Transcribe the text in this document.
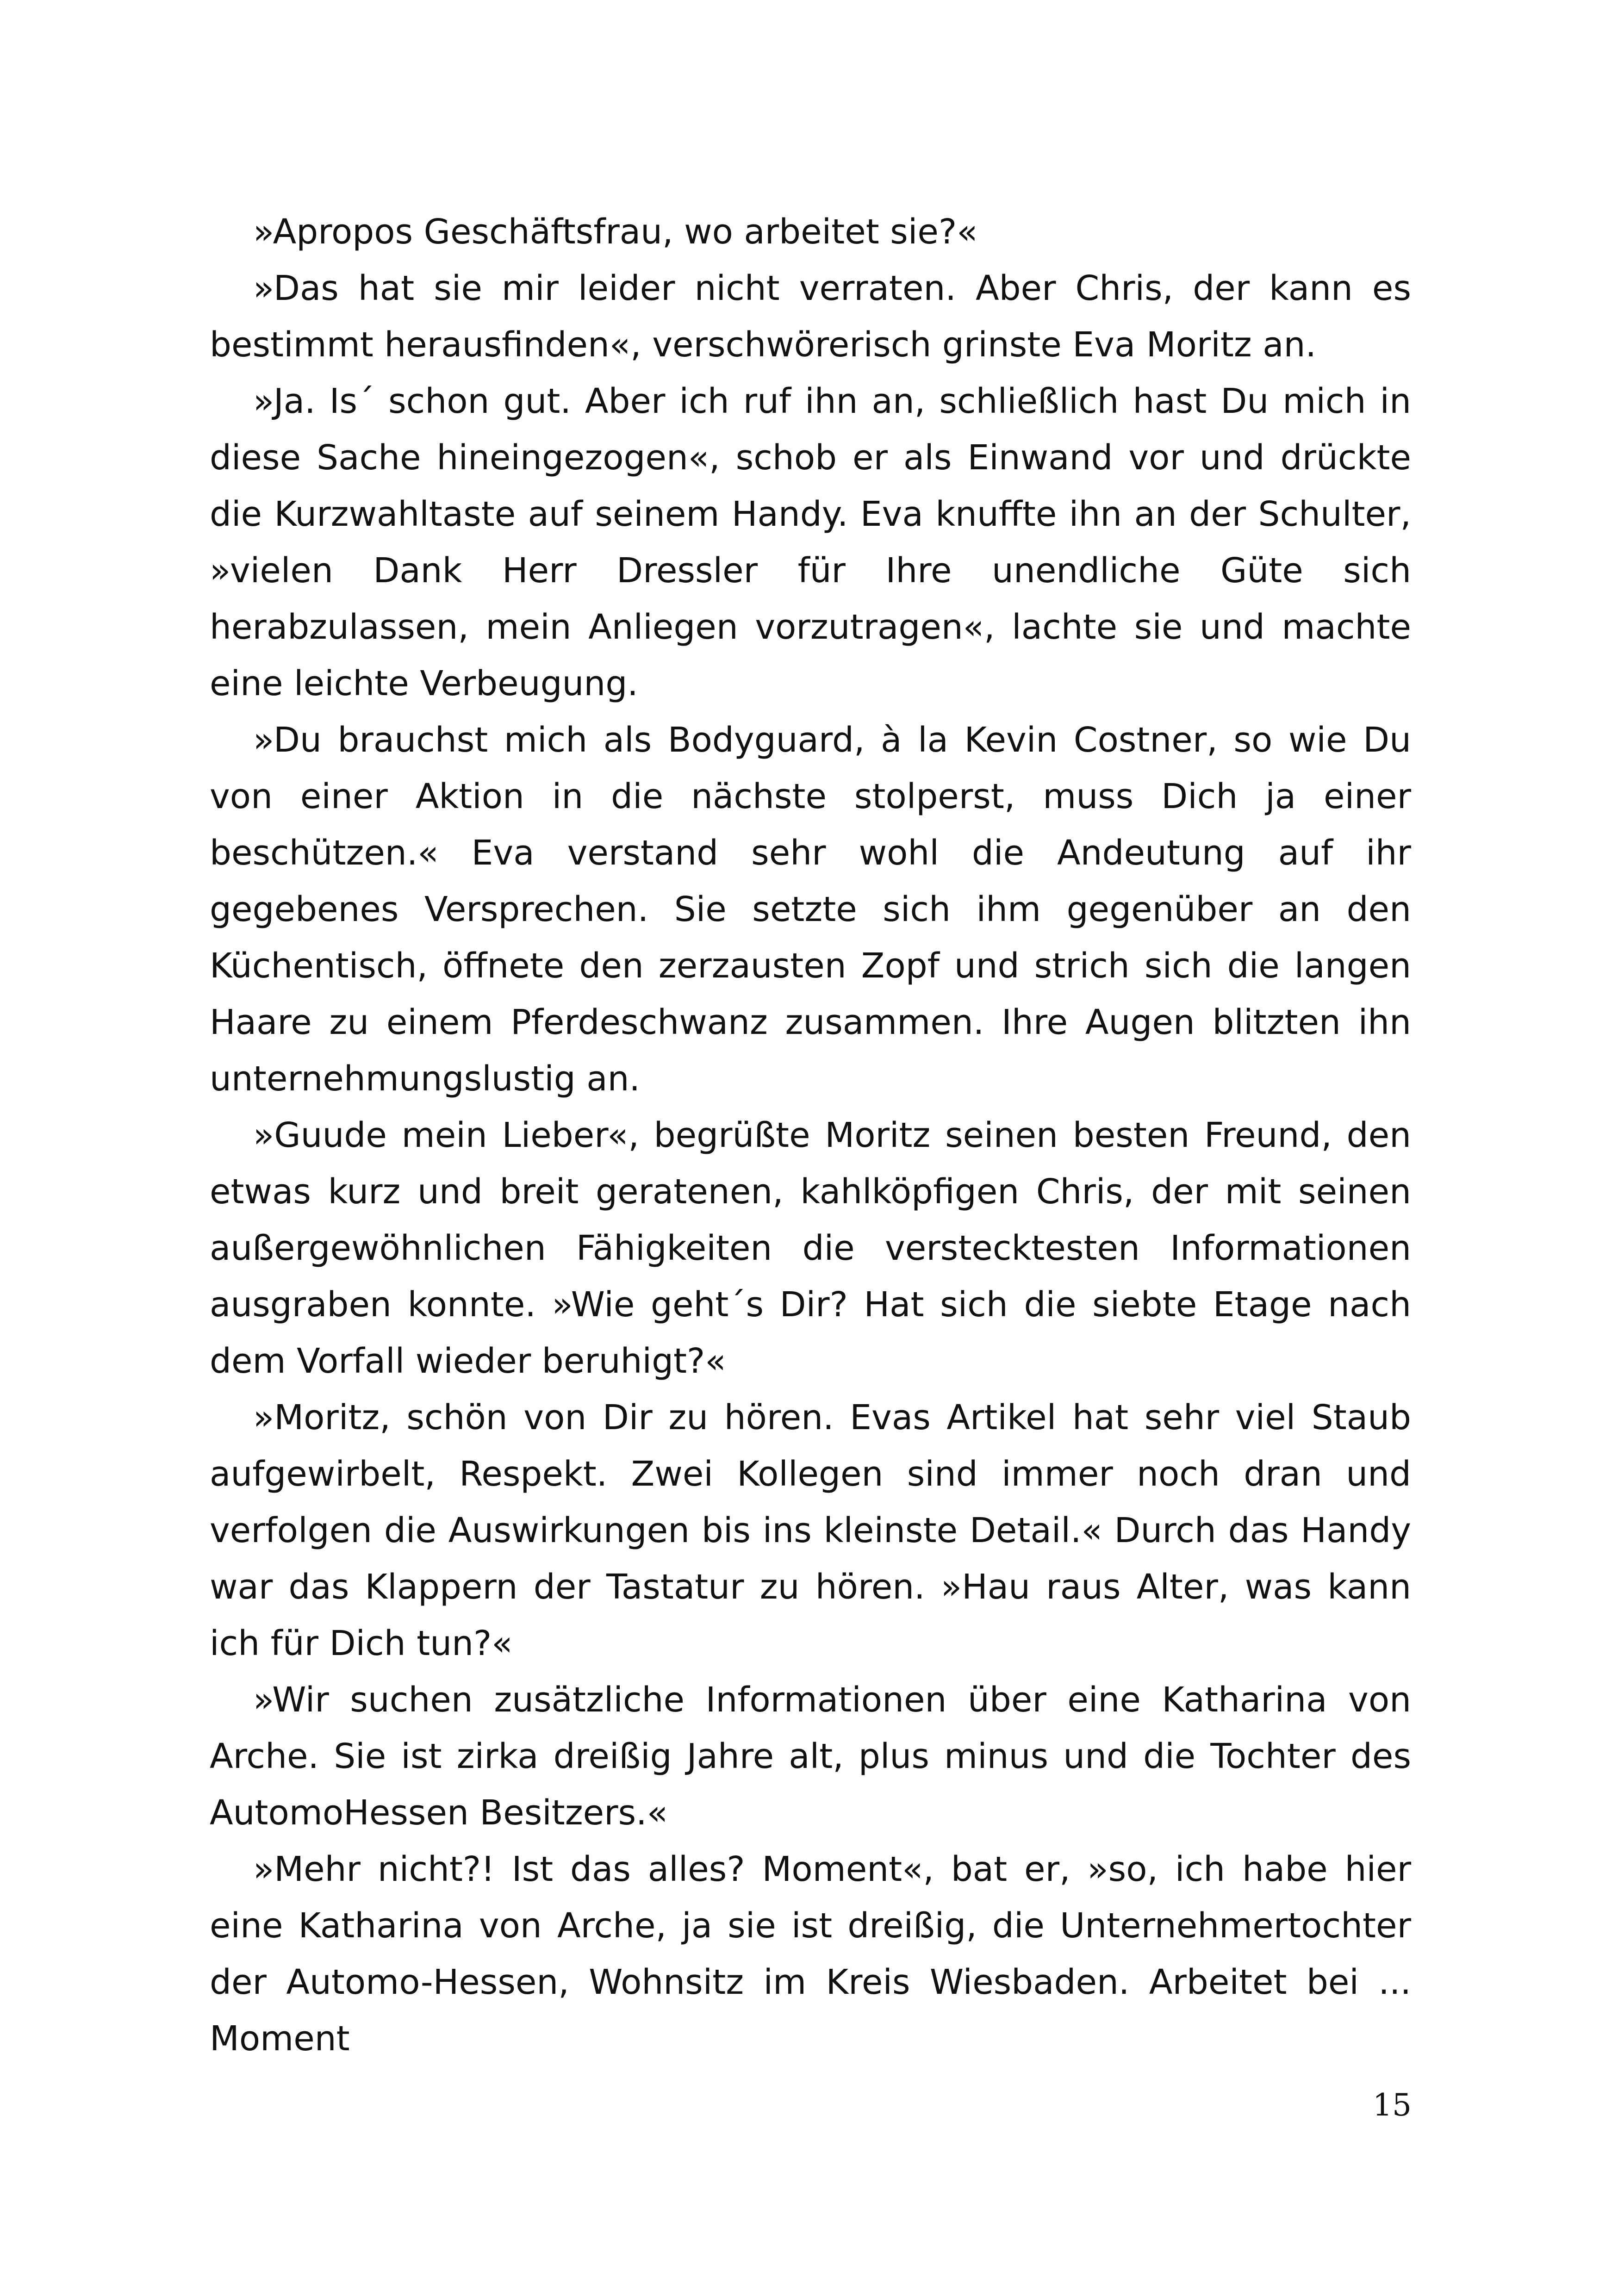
»Apropos Geschäftsfrau, wo arbeitet sie?«

»Das hat sie mir leider nicht verraten. Aber Chris, der kann es bestimmt herausfinden«, verschwörerisch grinste Eva Moritz an.

»Ja. Is´ schon gut. Aber ich ruf ihn an, schließlich hast Du mich in diese Sache hineingezogen«, schob er als Einwand vor und drückte die Kurzwahltaste auf seinem Handy. Eva knuffte ihn an der Schulter, »vielen Dank Herr Dressler für Ihre unendliche Güte sich herabzulassen, mein Anliegen vorzutragen«, lachte sie und machte eine leichte Verbeugung.

»Du brauchst mich als Bodyguard, à la Kevin Costner, so wie Du von einer Aktion in die nächste stolperst, muss Dich ja einer beschützen.« Eva verstand sehr wohl die Andeutung auf ihr gegebenes Versprechen. Sie setzte sich ihm gegenüber an den Küchentisch, öffnete den zerzausten Zopf und strich sich die langen Haare zu einem Pferdeschwanz zusammen. Ihre Augen blitzten ihn unternehmungslustig an.

»Guude mein Lieber«, begrüßte Moritz seinen besten Freund, den etwas kurz und breit geratenen, kahlköpfigen Chris, der mit seinen außergewöhnlichen Fähigkeiten die verstecktesten Informationen ausgraben konnte. »Wie geht´s Dir? Hat sich die siebte Etage nach dem Vorfall wieder beruhigt?«

»Moritz, schön von Dir zu hören. Evas Artikel hat sehr viel Staub aufgewirbelt, Respekt. Zwei Kollegen sind immer noch dran und verfolgen die Auswirkungen bis ins kleinste Detail.« Durch das Handy war das Klappern der Tastatur zu hören. »Hau raus Alter, was kann ich für Dich tun?«

»Wir suchen zusätzliche Informationen über eine Katharina von Arche. Sie ist zirka dreißig Jahre alt, plus minus und die Tochter des AutomoHessen Besitzers.«

»Mehr nicht?! Ist das alles? Moment«, bat er, »so, ich habe hier eine Katharina von Arche, ja sie ist dreißig, die Unternehmertochter der Automo-Hessen, Wohnsitz im Kreis Wiesbaden. Arbeitet bei ... Moment

15
